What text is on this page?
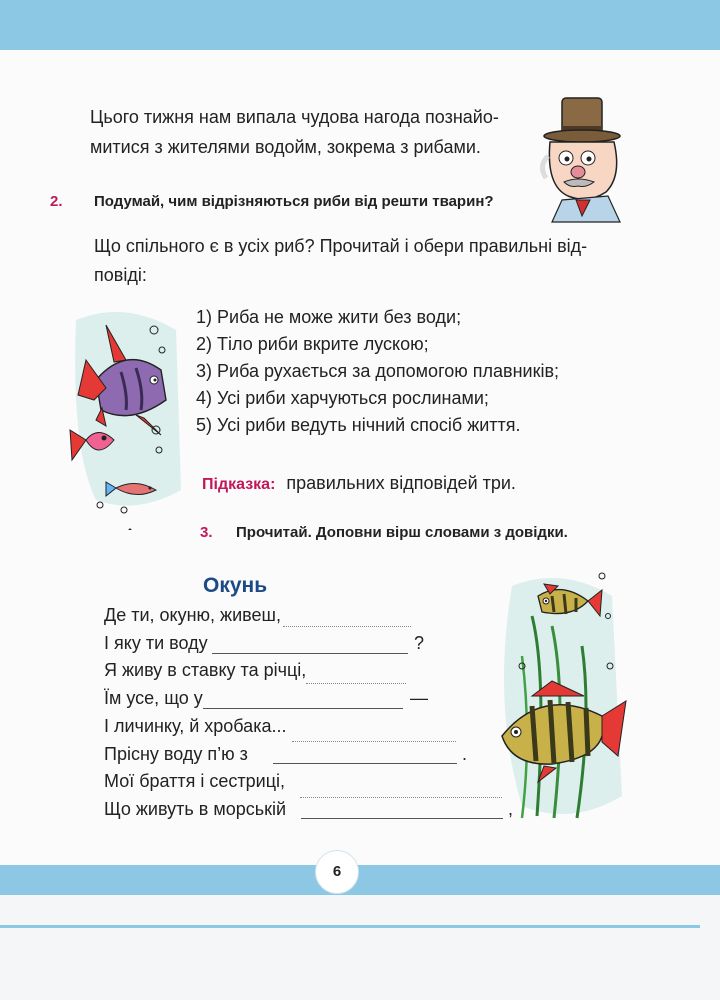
Цього тижня нам випала чудова нагода познайо-
митися з жителями водойм, зокрема з рибами.
2. Подумай, чим відрізняються риби від решти тварин?
Що спільного є в усіх риб? Прочитай і обери правильні від-
повіді:
1) Риба не може жити без води;
2) Тіло риби вкрите лускою;
3) Риба рухається за допомогою плавників;
4) Усі риби харчуються рослинами;
5) Усі риби ведуть нічний спосіб життя.
Підказка: правильних відповідей три.
3. Прочитай. Доповни вірш словами з довідки.
Окунь
Де ти, окуню, живеш,
І яку ти воду	?
Я живу в ставку та річці,
Їм усе, що у	—
І личинку, й хробака...
Прісну воду п’ю з	.
Мої браття і сестриці,
Що живуть в морській	,
6
